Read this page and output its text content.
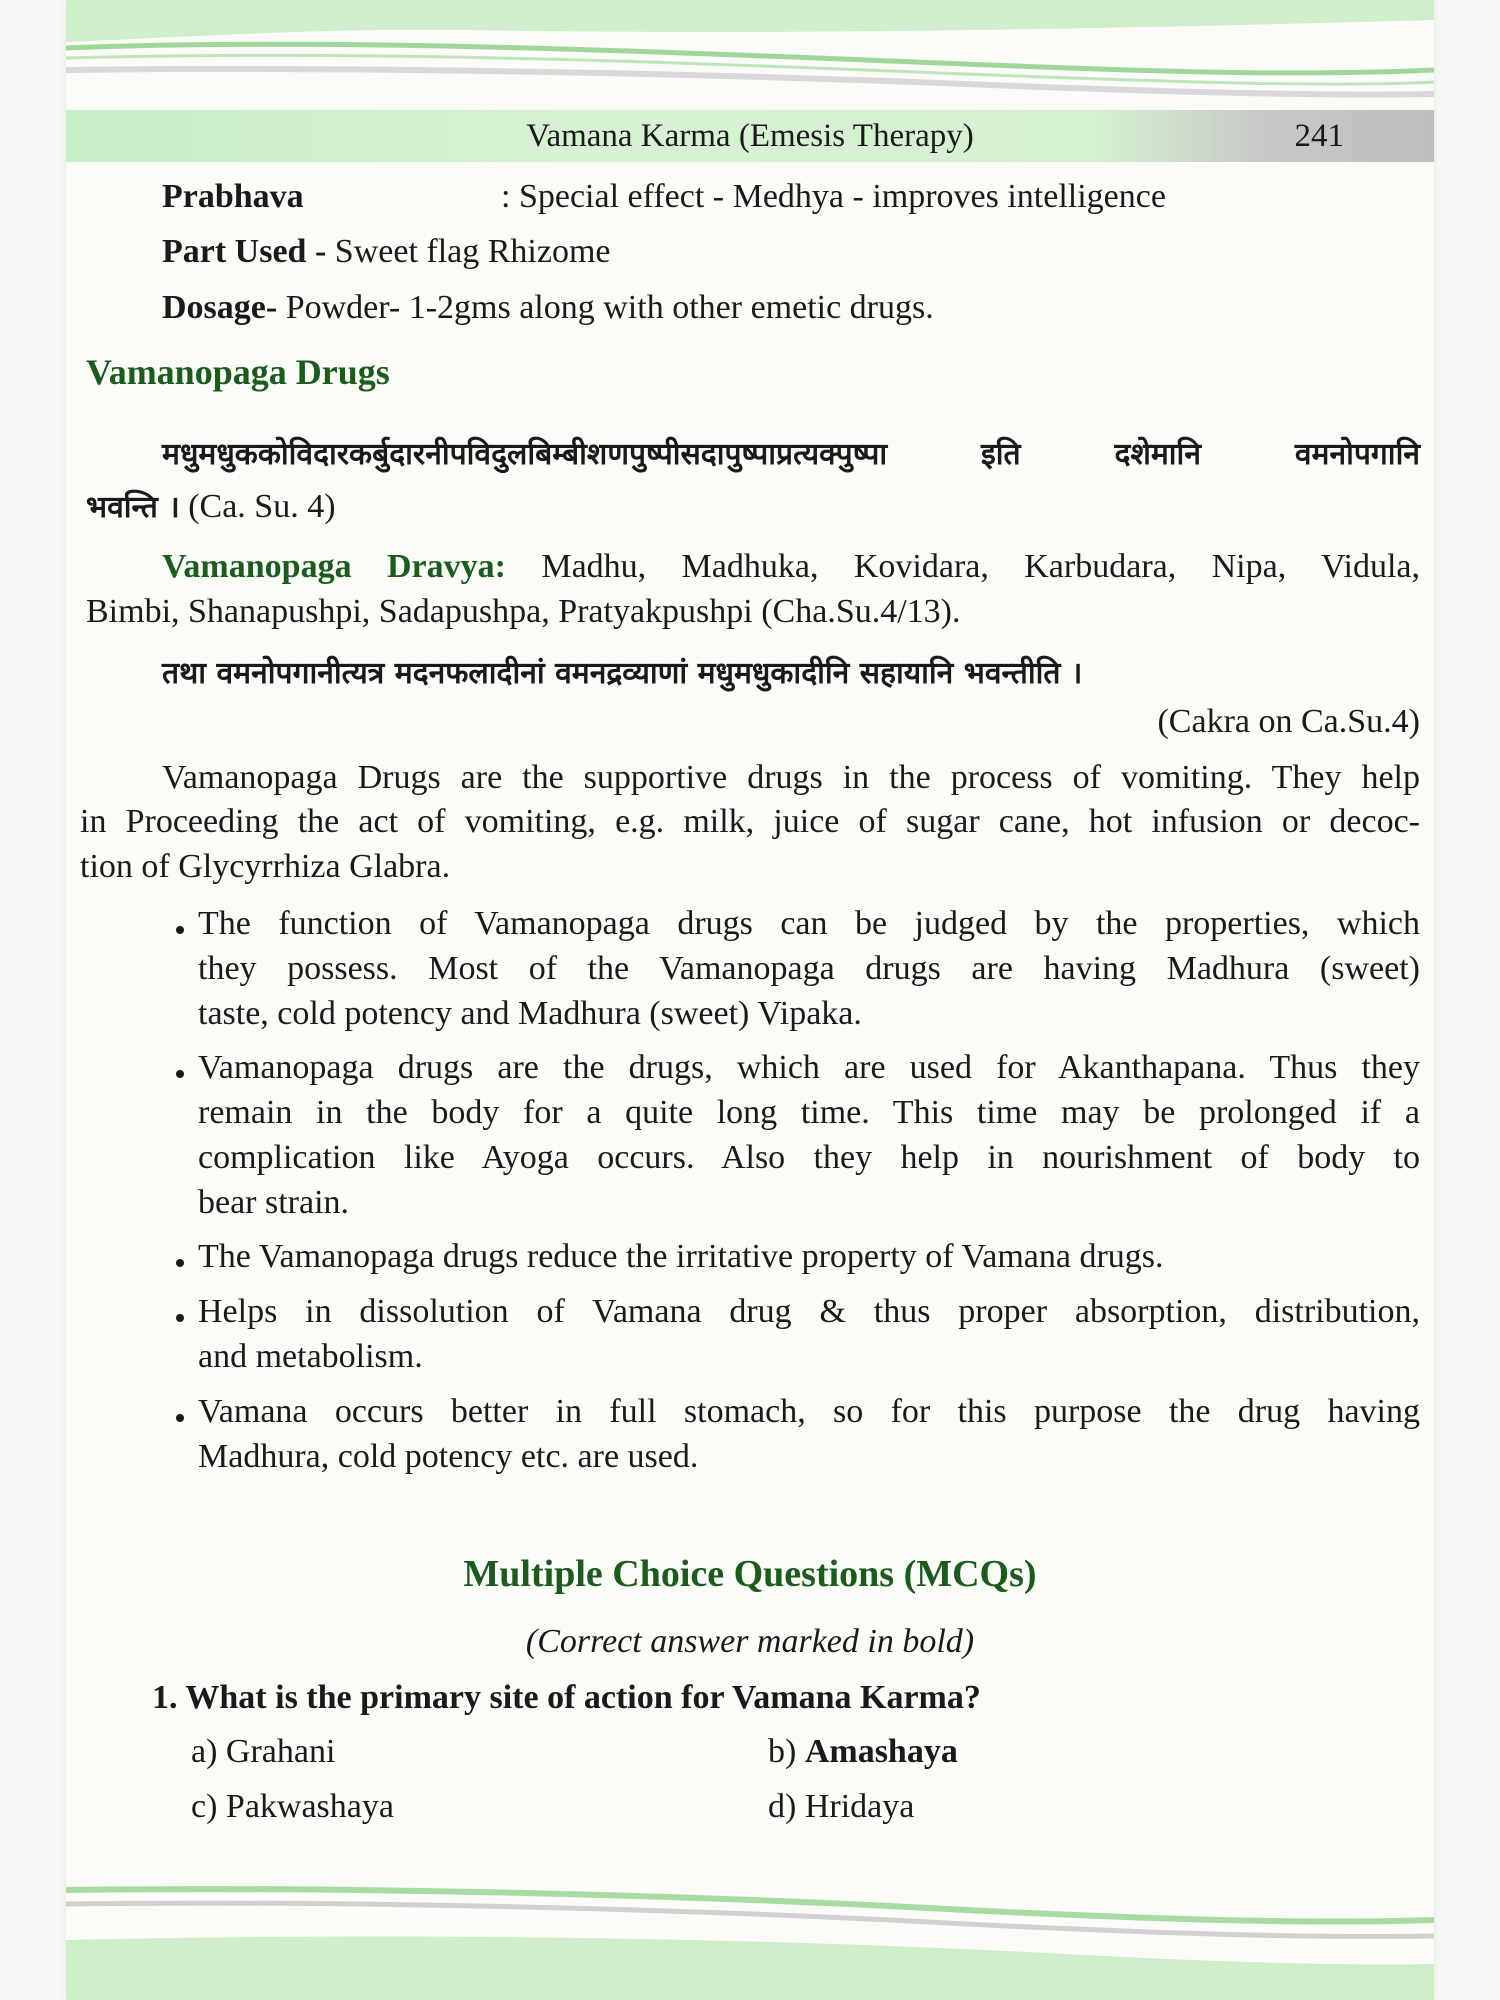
Vamana Karma (Emesis Therapy)	241
Prabhava	: Special effect - Medhya - improves intelligence
Part Used - Sweet flag Rhizome
Dosage- Powder- 1-2gms along with other emetic drugs.
Vamanopaga Drugs
मधुमधुककोविदारकर्बुदारनीपविदुलबिम्बीशणपुष्पीसदापुष्पाप्रत्यक्पुष्पा इति दशेमानि वमनोपगानि
भवन्ति । (Ca. Su. 4)
Vamanopaga Dravya: Madhu, Madhuka, Kovidara, Karbudara, Nipa, Vidula,
Bimbi, Shanapushpi, Sadapushpa, Pratyakpushpi (Cha.Su.4/13).
तथा वमनोपगानीत्यत्र मदनफलादीनां वमनद्रव्याणां मधुमधुकादीनि सहायानि भवन्तीति ।
(Cakra on Ca.Su.4)
Vamanopaga Drugs are the supportive drugs in the process of vomiting. They help
in Proceeding the act of vomiting, e.g. milk, juice of sugar cane, hot infusion or decoc-
tion of Glycyrrhiza Glabra.
The function of Vamanopaga drugs can be judged by the properties, which
they possess. Most of the Vamanopaga drugs are having Madhura (sweet)
taste, cold potency and Madhura (sweet) Vipaka.
Vamanopaga drugs are the drugs, which are used for Akanthapana. Thus they
remain in the body for a quite long time. This time may be prolonged if a
complication like Ayoga occurs. Also they help in nourishment of body to
bear strain.
The Vamanopaga drugs reduce the irritative property of Vamana drugs.
Helps in dissolution of Vamana drug & thus proper absorption, distribution,
and metabolism.
Vamana occurs better in full stomach, so for this purpose the drug having
Madhura, cold potency etc. are used.
Multiple Choice Questions (MCQs)
(Correct answer marked in bold)
1. What is the primary site of action for Vamana Karma?
a) Grahani	b) Amashaya
c) Pakwashaya	d) Hridaya
